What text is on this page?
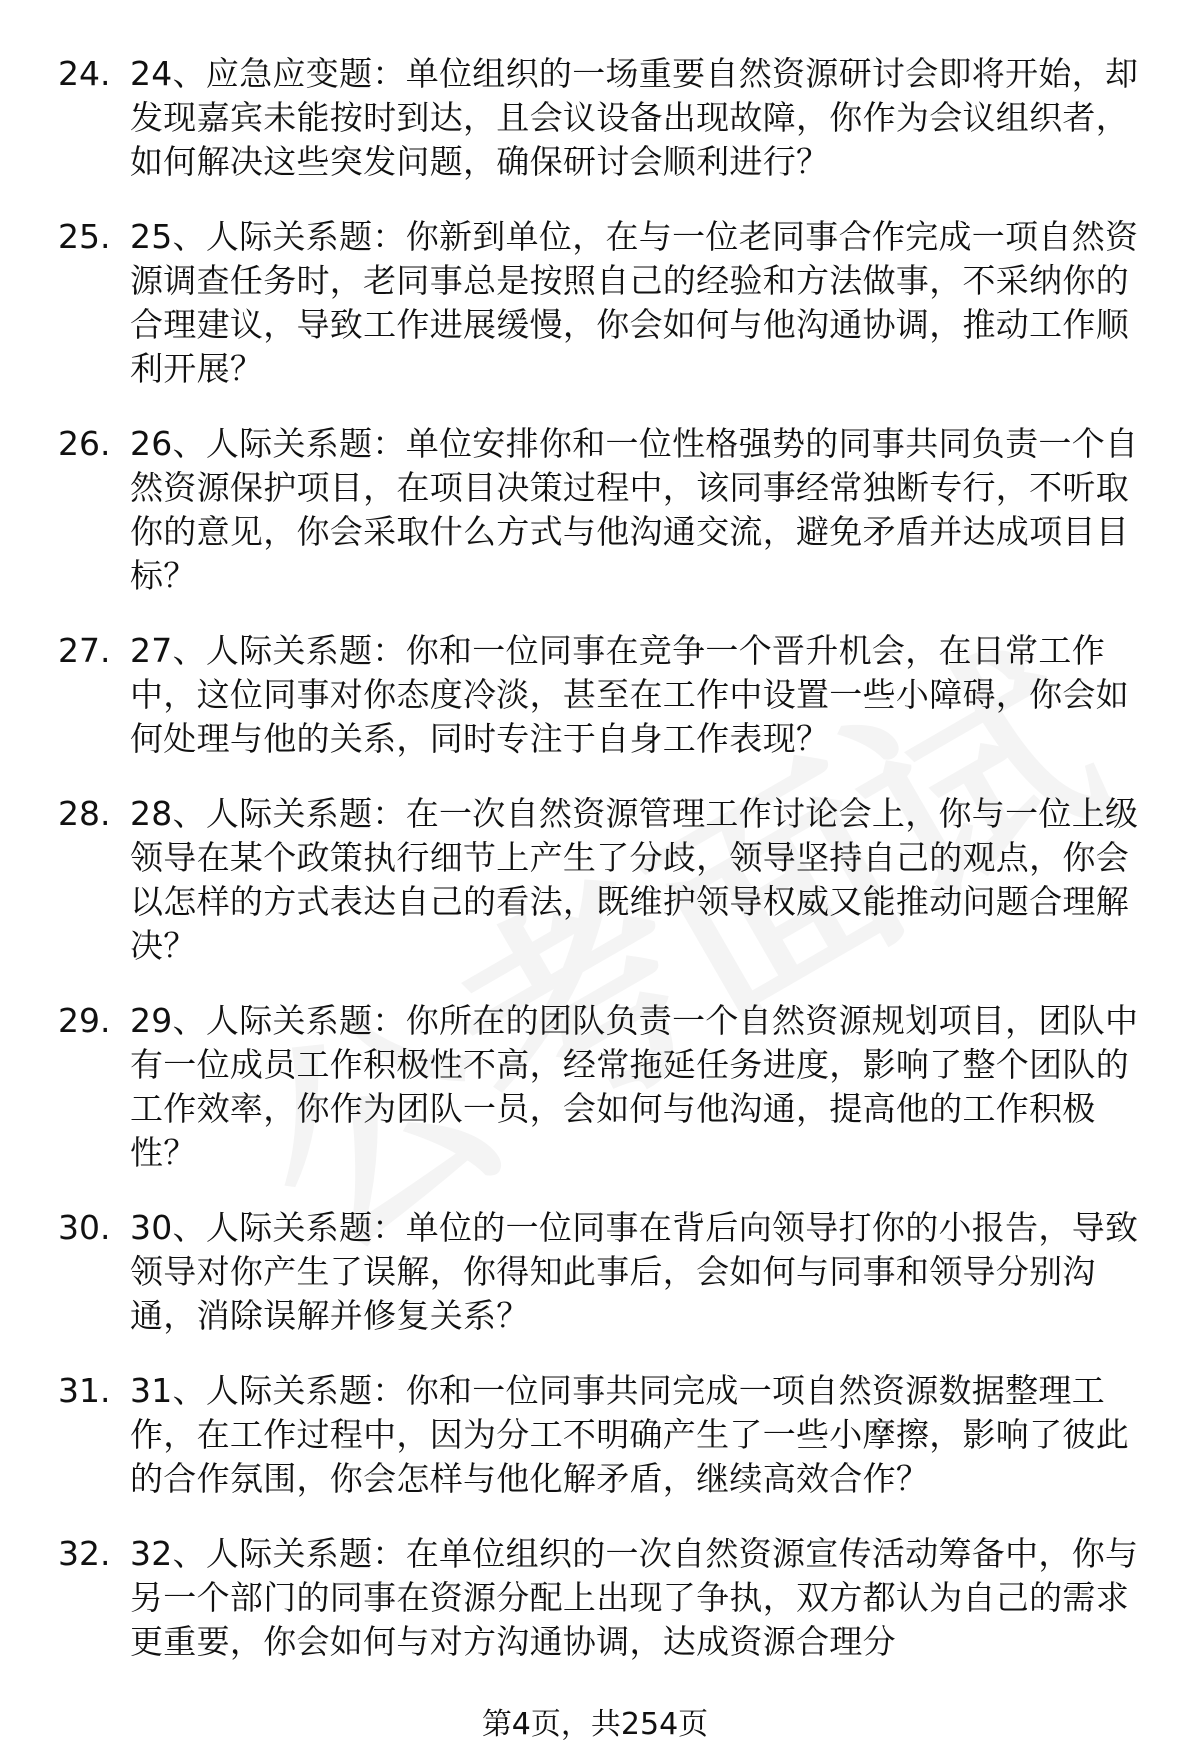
24. 24、应急应变题：单位组织的一场重要自然资源研讨会即将开始，却发现嘉宾未能按时到达，且会议设备出现故障，你作为会议组织者，如何解决这些突发问题，确保研讨会顺利进行？
25. 25、人际关系题：你新到单位，在与一位老同事合作完成一项自然资源调查任务时，老同事总是按照自己的经验和方法做事，不采纳你的合理建议，导致工作进展缓慢，你会如何与他沟通协调，推动工作顺利开展？
26. 26、人际关系题：单位安排你和一位性格强势的同事共同负责一个自然资源保护项目，在项目决策过程中，该同事经常独断专行，不听取你的意见，你会采取什么方式与他沟通交流，避免矛盾并达成项目目标？
27. 27、人际关系题：你和一位同事在竞争一个晋升机会，在日常工作中，这位同事对你态度冷淡，甚至在工作中设置一些小障碍，你会如何处理与他的关系，同时专注于自身工作表现？
28. 28、人际关系题：在一次自然资源管理工作讨论会上，你与一位上级领导在某个政策执行细节上产生了分歧，领导坚持自己的观点，你会以怎样的方式表达自己的看法，既维护领导权威又能推动问题合理解决？
29. 29、人际关系题：你所在的团队负责一个自然资源规划项目，团队中有一位成员工作积极性不高，经常拖延任务进度，影响了整个团队的工作效率，你作为团队一员，会如何与他沟通，提高他的工作积极性？
30. 30、人际关系题：单位的一位同事在背后向领导打你的小报告，导致领导对你产生了误解，你得知此事后，会如何与同事和领导分别沟通，消除误解并修复关系？
31. 31、人际关系题：你和一位同事共同完成一项自然资源数据整理工作，在工作过程中，因为分工不明确产生了一些小摩擦，影响了彼此的合作氛围，你会怎样与他化解矛盾，继续高效合作？
32. 32、人际关系题：在单位组织的一次自然资源宣传活动筹备中，你与另一个部门的同事在资源分配上出现了争执，双方都认为自己的需求更重要，你会如何与对方沟通协调，达成资源合理分
第4页，共254页
